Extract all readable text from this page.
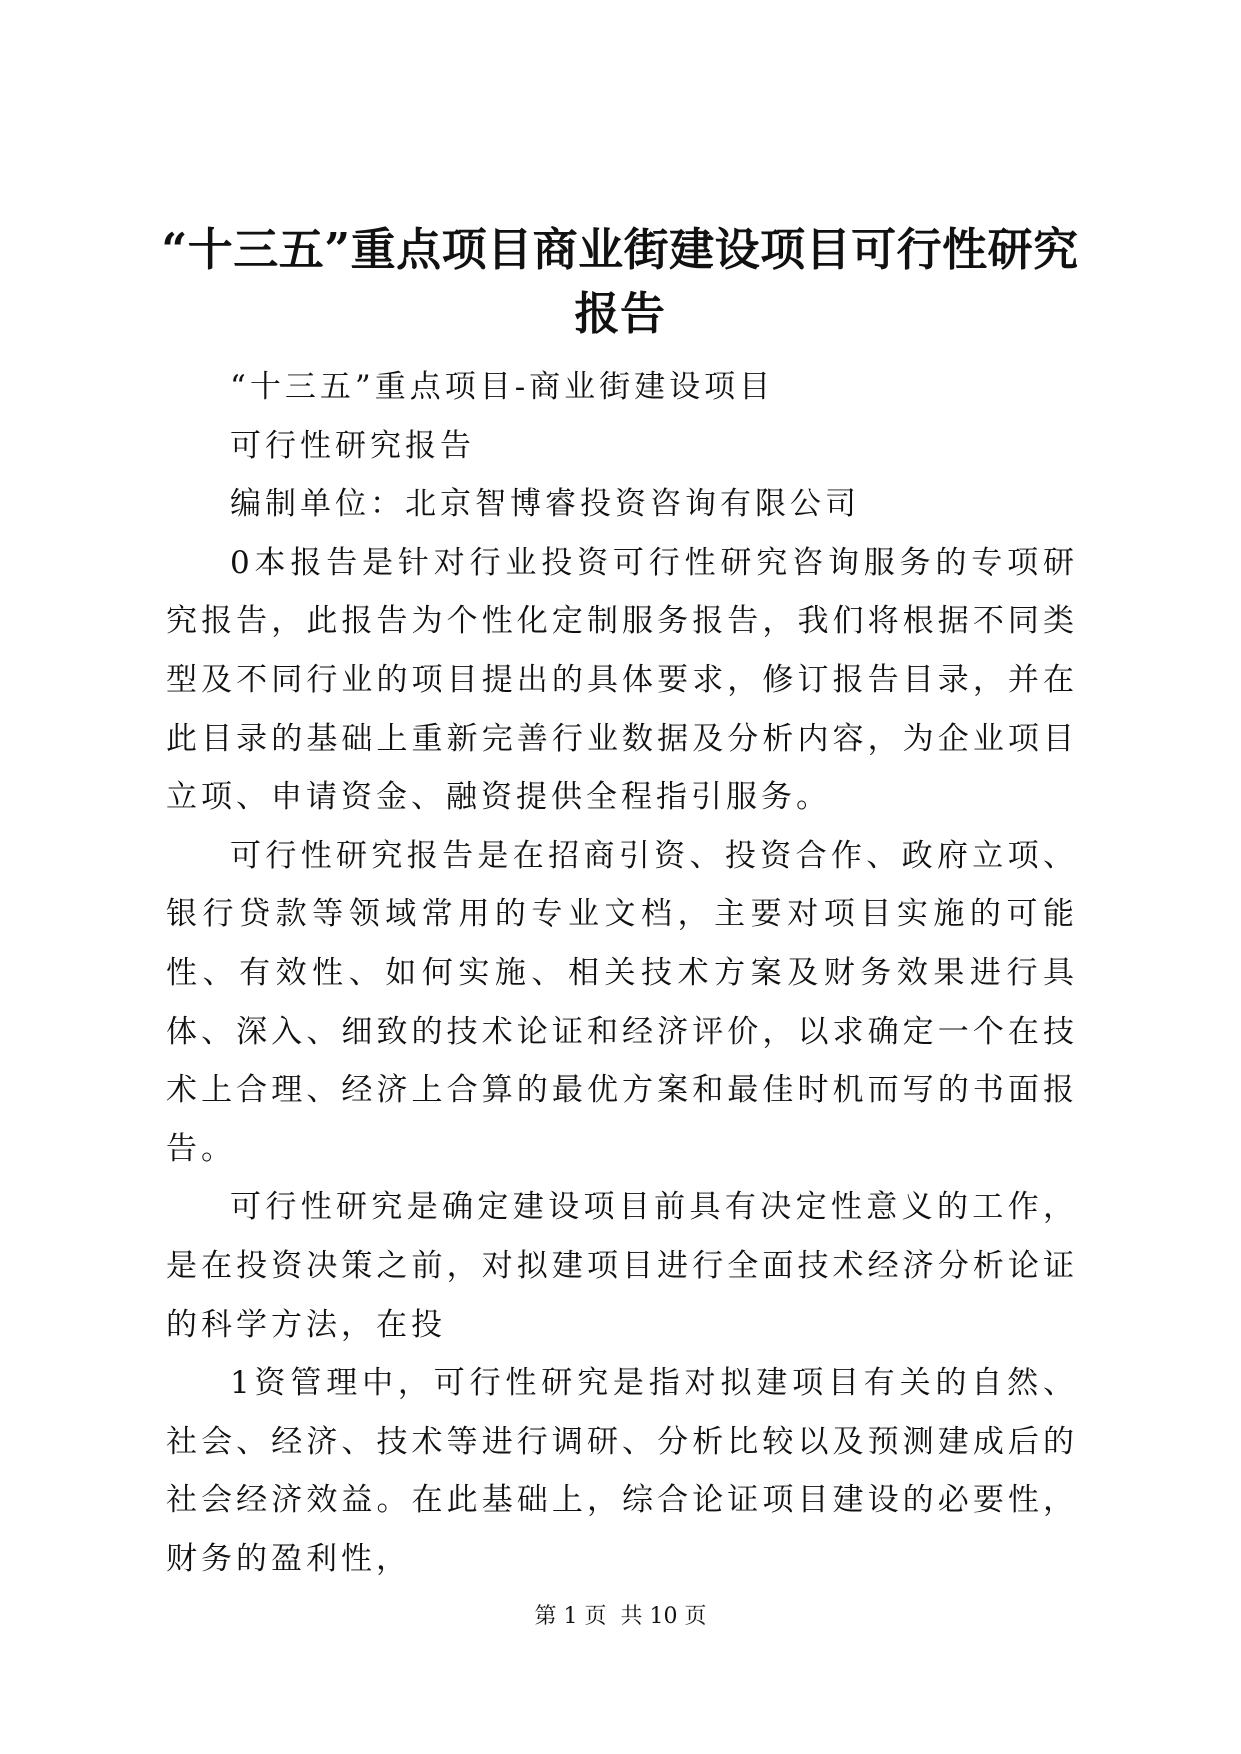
“十三五”重点项目商业街建设项目可行性研究报告

“十三五”重点项目-商业街建设项目

可行性研究报告

编制单位：北京智博睿投资咨询有限公司

0本报告是针对行业投资可行性研究咨询服务的专项研究报告，此报告为个性化定制服务报告，我们将根据不同类型及不同行业的项目提出的具体要求，修订报告目录，并在此目录的基础上重新完善行业数据及分析内容，为企业项目立项、申请资金、融资提供全程指引服务。

可行性研究报告是在招商引资、投资合作、政府立项、银行贷款等领域常用的专业文档，主要对项目实施的可能性、有效性、如何实施、相关技术方案及财务效果进行具体、深入、细致的技术论证和经济评价，以求确定一个在技术上合理、经济上合算的最优方案和最佳时机而写的书面报告。

可行性研究是确定建设项目前具有决定性意义的工作，是在投资决策之前，对拟建项目进行全面技术经济分析论证的科学方法，在投

1资管理中，可行性研究是指对拟建项目有关的自然、社会、经济、技术等进行调研、分析比较以及预测建成后的社会经济效益。在此基础上，综合论证项目建设的必要性，财务的盈利性，

第 1 页  共 10 页
